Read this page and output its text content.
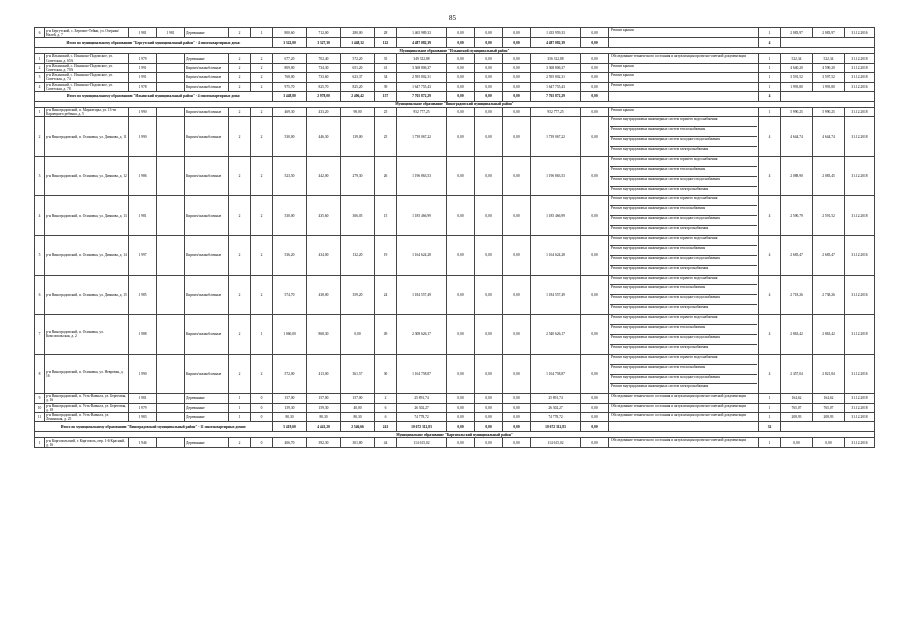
85
6	р-н Бергутский, с. Бергишт-Тейни, ул. Озерная/Налей, д. 7	1 981	1 981	Деревянные	2	1	800,60	712,00	280,00	28	1 465 989,33	0,00	0,00	0,00	1 435 959,33	0,00	Ремонт крыши	1	2 083,97	2 083,97	31.12.2016
Итого по муниципальному образованию "Бергутский муниципальный район" - 4 многоквартирных дома:							3 322,00	3 327,30	1 448,32	122	4 487 082,39	0,00	0,00	0,00	4 487 082,39	0,00		4			
Муниципальное образование "Ильинский муниципальный район"																					
1	р-н Ильинский, с. Ильинско-Подомское, ул. Советская, д. 65А	1 979		Деревянные	2	2	677,20	702,40	572,20	35	349 312,88	0,00	0,00	0,00	356 312,88	0,00	Обследование технического состояния и актуализация проектно-сметной документации	1	522,34	522,34	31.12.2018
2	р-н Ильинский, с. Ильинско-Подомское, ул. Советская, д. 70А	1 991		Кирпич/шлакоблочные	2	2	809,00	734,30	651,20	41	3 368 806,37	0,00	0,00	0,00	3 368 806,37	0,00	Ремонт крыши	1	4 640,20	4 590,20	31.12.2018
3	р-н Ильинский, с. Ильинско-Подомское, ул. Советская, д. 74	1 991		Кирпич/шлакоблочные	2	2	768,00	733,60	623,37	34	2 595 802,31	0,00	0,00	0,00	2 595 802,31	0,00	Ремонт крыши	1	3 591,52	3 597,52	31.12.2018
4	р-н Ильинский, с. Ильинско-Подомское, ул. Советская, д. 78	1 978		Кирпич/шлакоблочные	2	2	975,70	825,70	825,20	39	1 647 755,43	0,00	0,00	0,00	1 647 755,43	0,00	Ремонт крыши	1	1 993,80	1 993,80	31.12.2016
Итого по муниципальному образованию "Ильинский муниципальный район" - 4 многоквартирных дома:							3 448,80	2 978,00	2 406,42	157	7 765 872,29	0,00	0,00	0,00	7 765 872,29	0,00		4			
Муниципальное образование "Виноградовский муниципальный район"																					
1	р-н Виноградовский, п. Моржегоры, ул. 13-ти Карпецкого ребенка, д. 5	1 990		Кирпич/шлакоблочные	2	2	469,30	433,20	98,00	25	952 777,25	0,00	0,00	0,00	952 777,25	0,00	Ремонт крыши	1	5 990,25	5 990,25	31.12.2018
2	р-н Виноградовский, п. Осиновка, ул. Димкова, д. 11	1 990		Кирпич/шлакоблочные	2	2	530,00	446,30	139,00	25	1 739 067,22	0,00	0,00	0,00	1 739 067,22	0,00	Ремонт внутридомовых инженерных систем горячего водоснабжения
Ремонт внутридомовых инженерных систем теплоснабжения
Ремонт внутридомовых инженерных систем холодного водоснабжения
Ремонт внутридомовых инженерных систем электроснабжения	4	4 644,74	4 644,74	31.12.2018
3	р-н Виноградовский, п. Осиновка, ул. Димкова, д. 12	1 986		Кирпич/шлакоблочные	2	2	523,50	442,00	279,30	26	1 196 863,53	0,00	0,00	0,00	1 196 863,53	0,00	Ремонт внутридомовых инженерных систем горячего водоснабжения
Ремонт внутридомовых инженерных систем теплоснабжения
Ремонт внутридомовых инженерных систем холодного водоснабжения
Ремонт внутридомовых инженерных систем электроснабжения	4	2 088,90	2 083,45	31.12.2018
4	р-н Виноградовский, п. Осиновка, ул. Димкова, д. 13	1 981		Кирпич/шлакоблочные	2	2	530,00	435,60	306,05	15	1 185 466,99	0,00	0,00	0,00	1 185 466,99	0,00	Ремонт внутридомовых инженерных систем горячего водоснабжения
Ремонт внутридомовых инженерных систем теплоснабжения
Ремонт внутридомовых инженерных систем холодного водоснабжения
Ремонт внутридомовых инженерных систем электроснабжения	4	2 590,79	2 591,52	31.12.2018
5	р-н Виноградовский, п. Осиновка, ул. Димкова, д. 14	1 997		Кирпич/шлакоблочные	2	2	536,20	434,00	132,20	19	1 164 624,28	0,00	0,00	0,00	1 164 624,28	0,00	Ремонт внутридомовых инженерных систем горячего водоснабжения
Ремонт внутридомовых инженерных систем теплоснабжения
Ремонт внутридомовых инженерных систем холодного водоснабжения
Ремонт внутридомовых инженерных систем электроснабжения	4	2 683,47	2 683,47	31.12.2016
6	р-н Виноградовский, п. Осиновка, ул. Димкова, д. 15	1 985		Кирпич/шлакоблочные	2	2	574,70	438,00	359,20	24	1 184 557,49	0,00	0,00	0,00	1 184 557,49	0,00	Ремонт внутридомовых инженерных систем горячего водоснабжения
Ремонт внутридомовых инженерных систем теплоснабжения
Ремонт внутридомовых инженерных систем холодного водоснабжения
Ремонт внутридомовых инженерных систем электроснабжения	4	2 718,26	2 738,26	31.12.2016
7	р-н Виноградовский, п. Осиновка, ул. Комсомольская, д. 2	1 988		Кирпич/шлакоблочные	2	1	1 060,00	868,30	0,00	49	2 308 626,17	0,00	0,00	0,00	2 540 626,17	0,00	Ремонт внутридомовых инженерных систем горячего водоснабжения
Ремонт внутридомовых инженерных систем теплоснабжения
Ремонт внутридомовых инженерных систем холодного водоснабжения
Ремонт внутридомовых инженерных систем электроснабжения	4	2 863,42	2 863,42	31.12.2018
8	р-н Виноградовский, п. Осиновка, ул. Невровая, д. 16	1 990		Кирпич/шлакоблочные	2	2	572,00	413,00	361,57	30	1 164 758,87	0,00	0,00	0,00	1 164 758,87	0,00	Ремонт внутридомовых инженерных систем горячего водоснабжения
Ремонт внутридомовых инженерных систем теплоснабжения
Ремонт внутридомовых инженерных систем холодного водоснабжения
Ремонт внутридомовых инженерных систем электроснабжения	4	2 457,04	2 821,84	31.12.2016
9	р-н Виноградовский, п. Усть-Ваеньга, ул. Береговая, д. 16	1 981		Деревянные	1	0	157,00	157,00	157,00	2	25 891,74	0,00	0,00	0,00	25 891,74	0,00	Обследование технического состояния и актуализация проектно-сметной документации	1	164,62	164,62	31.12.2018
10	р-н Виноградовский, п. Усть-Ваеньга, ул. Береговая, д. 18	1 979		Деревянные	1	0	159,30	159,30	40,00	6	26 302,27	0,00	0,00	0,00	26 302,27	0,00	Обследование технического состояния и актуализация проектно-сметной документации	1	765,07	765,07	31.12.2018
11	р-н Виноградовский, п. Усть-Ваеньга, ул. Ленинская, д. 25	1 983		Деревянные	1	0	80,30	80,30	80,30	6	74 778,72	0,00	0,00	0,00	74 778,72	0,00	Обследование технического состояния и актуализация проектно-сметной документации	1	208,93	208,93	31.12.2018
Итого по муниципальному образованию "Виноградовский муниципальный район" - 11 многоквартирных домов:							5 419,60	4 441,20	2 546,66	241	10 672 312,83	0,00	0,00	0,00	10 672 312,83	0,00		32			
Муниципальное образование "Каргопольский муниципальный район"																					
1	р-н Каргопольский, г. Каргополь, пер. 1-й Красный, д. 16	1 946		Деревянные	2	0	406,70	392,30	301,80	44	114 615,02	0,00	0,00	0,00	114 615,02	0,00	Обследование технического состояния и актуализация проектно-сметной документации	1	0,00	0,00	31.12.2016
